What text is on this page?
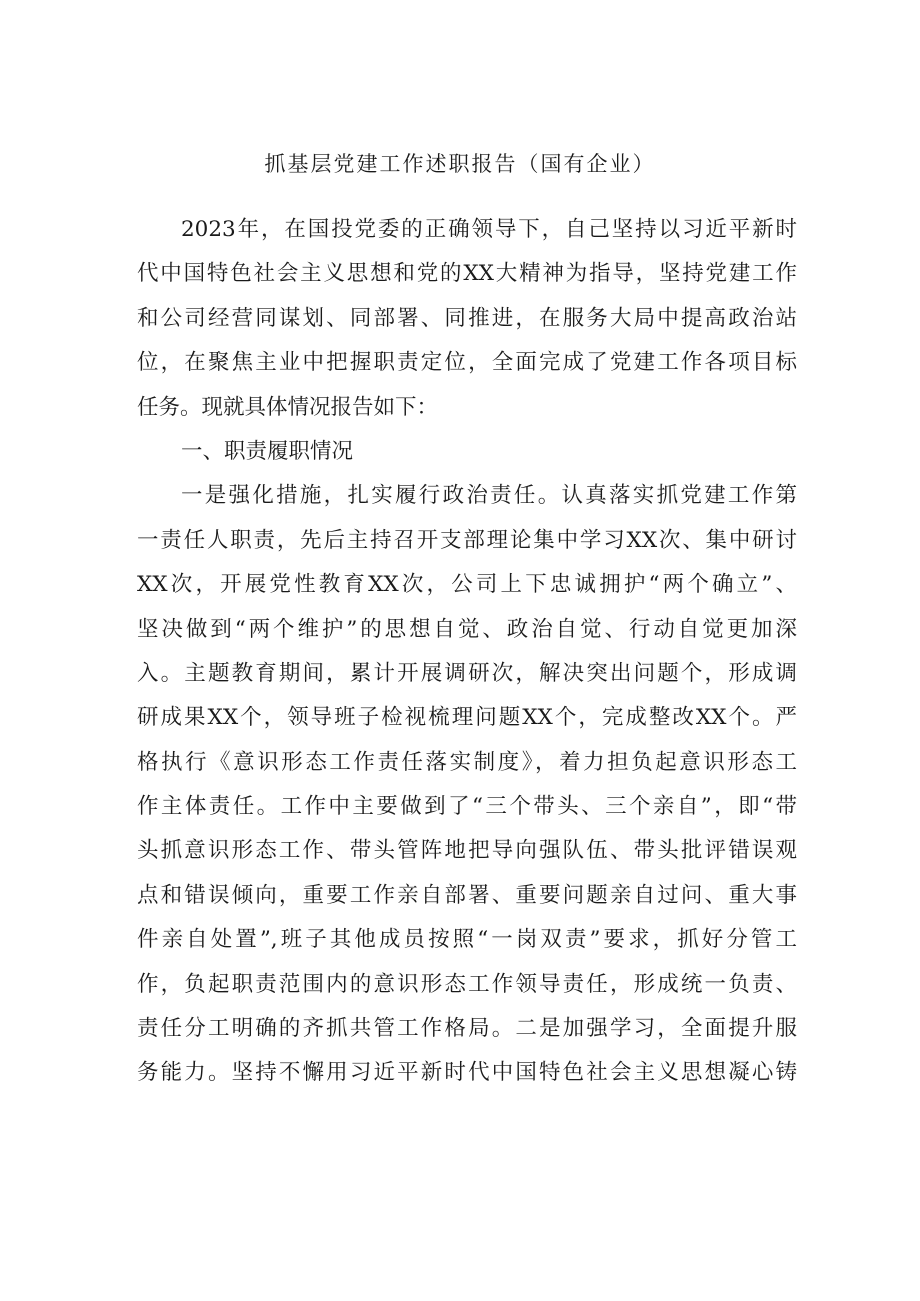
抓基层党建工作述职报告（国有企业）
2023年，在国投党委的正确领导下，自己坚持以习近平新时
代中国特色社会主义思想和党的XX大精神为指导，坚持党建工作
和公司经营同谋划、同部署、同推进，在服务大局中提高政治站
位，在聚焦主业中把握职责定位，全面完成了党建工作各项目标
任务。现就具体情况报告如下：
一、职责履职情况
一是强化措施，扎实履行政治责任。认真落实抓党建工作第
一责任人职责，先后主持召开支部理论集中学习XX次、集中研讨
XX次，开展党性教育XX次，公司上下忠诚拥护“两个确立”、
坚决做到“两个维护”的思想自觉、政治自觉、行动自觉更加深
入。主题教育期间，累计开展调研次，解决突出问题个，形成调
研成果XX个，领导班子检视梳理问题XX个，完成整改XX个。严
格执行《意识形态工作责任落实制度》，着力担负起意识形态工
作主体责任。工作中主要做到了“三个带头、三个亲自”，即“带
头抓意识形态工作、带头管阵地把导向强队伍、带头批评错误观
点和错误倾向，重要工作亲自部署、重要问题亲自过问、重大事
件亲自处置”,班子其他成员按照“一岗双责”要求，抓好分管工
作，负起职责范围内的意识形态工作领导责任，形成统一负责、
责任分工明确的齐抓共管工作格局。二是加强学习，全面提升服
务能力。坚持不懈用习近平新时代中国特色社会主义思想凝心铸
